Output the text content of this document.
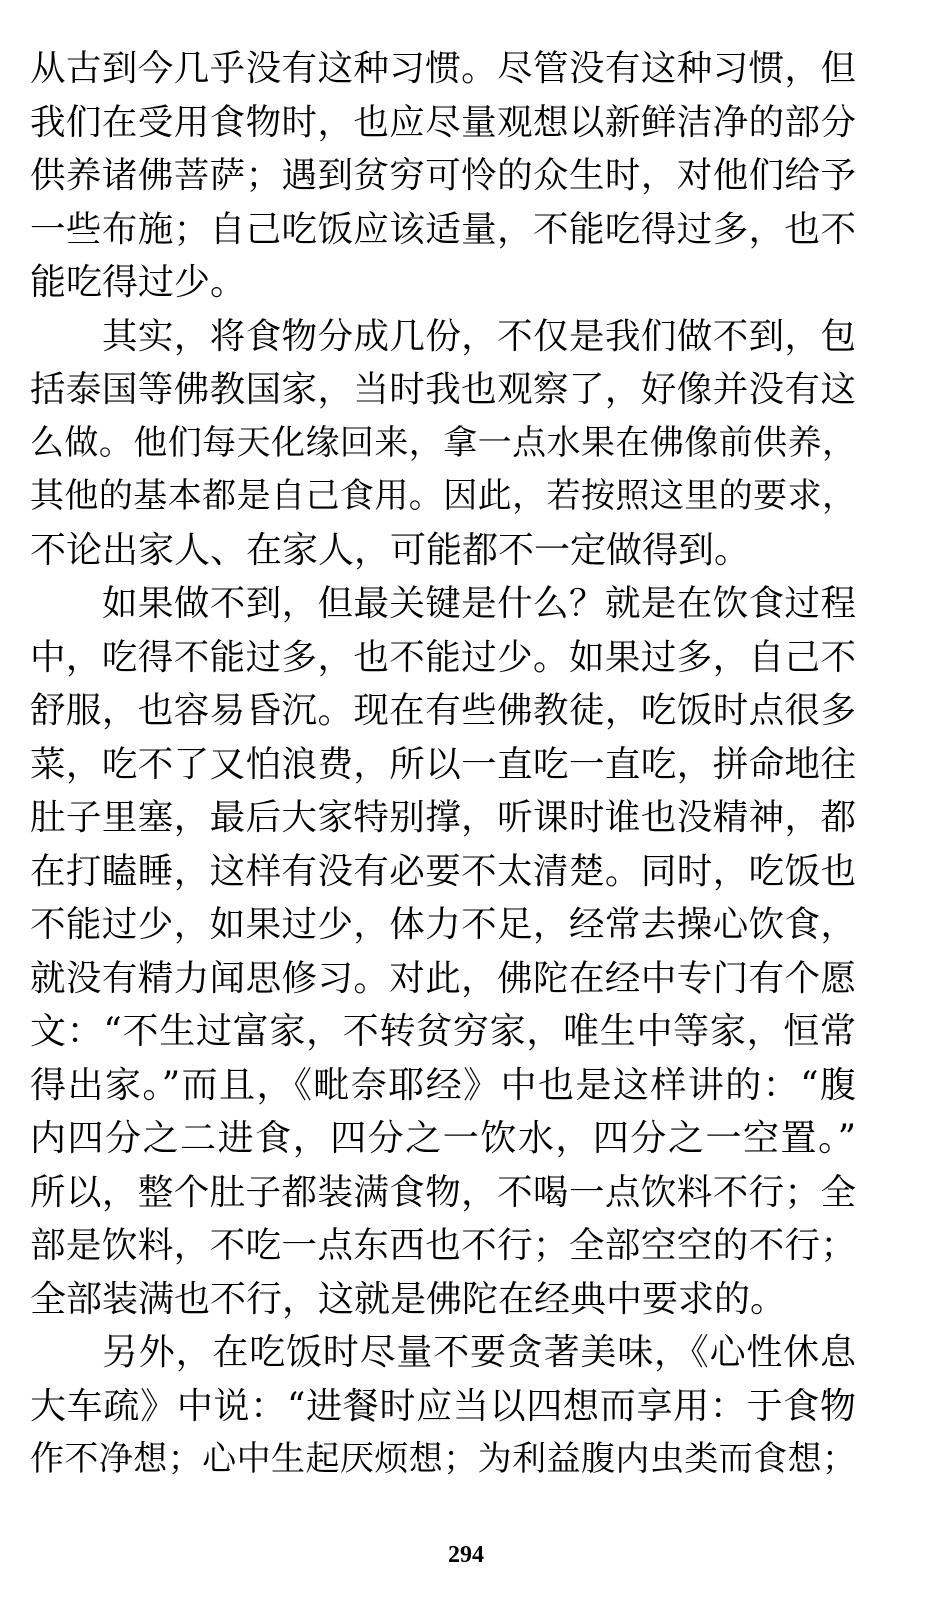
从古到今几乎没有这种习惯。尽管没有这种习惯，但
我们在受用食物时，也应尽量观想以新鲜洁净的部分
供养诸佛菩萨；遇到贫穷可怜的众生时，对他们给予
一些布施；自己吃饭应该适量，不能吃得过多，也不
能吃得过少。
其实，将食物分成几份，不仅是我们做不到，包
括泰国等佛教国家，当时我也观察了，好像并没有这
么做。他们每天化缘回来，拿一点水果在佛像前供养，
其他的基本都是自己食用。因此，若按照这里的要求，
不论出家人、在家人，可能都不一定做得到。
如果做不到，但最关键是什么？就是在饮食过程
中，吃得不能过多，也不能过少。如果过多，自己不
舒服，也容易昏沉。现在有些佛教徒，吃饭时点很多
菜，吃不了又怕浪费，所以一直吃一直吃，拼命地往
肚子里塞，最后大家特别撑，听课时谁也没精神，都
在打瞌睡，这样有没有必要不太清楚。同时，吃饭也
不能过少，如果过少，体力不足，经常去操心饮食，
就没有精力闻思修习。对此，佛陀在经中专门有个愿
文：“不生过富家，不转贫穷家，唯生中等家，恒常
得出家。”而且，《毗奈耶经》中也是这样讲的：“腹
内四分之二进食，四分之一饮水，四分之一空置。”
所以，整个肚子都装满食物，不喝一点饮料不行；全
部是饮料，不吃一点东西也不行；全部空空的不行；
全部装满也不行，这就是佛陀在经典中要求的。
另外，在吃饭时尽量不要贪著美味，《心性休息
大车疏》中说：“进餐时应当以四想而享用：于食物
作不净想；心中生起厌烦想；为利益腹内虫类而食想；
294
